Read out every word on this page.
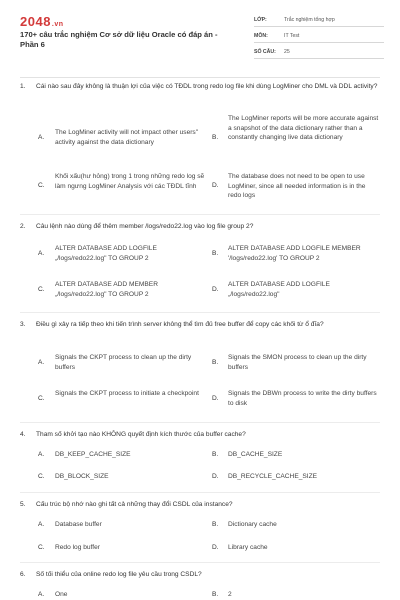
2048.vn
170+ câu trắc nghiệm Cơ sở dữ liệu Oracle có đáp án - Phần 6
LỚP:	Trắc nghiệm tổng hợp
MÔN:	IT Test
SỐ CÂU: 25
1. Cái nào sau đây không là thuận lợi của việc có TĐDL trong redo log file khi dùng LogMiner cho DML và DDL activity?
A.
The LogMiner activity will not impact other users" activity against the data dictionary
B.
The LogMiner reports will be more accurate against a snapshot of the data dictionary rather than a constantly changing live data dictionary
C.
Khối xấu(hư hỏng) trong 1 trong những redo log sẽ làm ngưng LogMiner Analysis với các TĐDL tĩnh	D.
The database does not need to be open to use LogMiner, since all needed information is in the redo logs
2. Câu lệnh nào dùng để thêm member /logs/redo22.log vào log file group 2?
A.
ALTER DATABASE ADD LOGFILE „/logs/redo22.log" TO GROUP 2
B.
ALTER DATABASE ADD LOGFILE MEMBER '/logs/redo22.log' TO GROUP 2
C.
ALTER DATABASE ADD MEMBER „/logs/redo22.log" TO GROUP 2
D.
ALTER DATABASE ADD LOGFILE „/logs/redo22.log"
3. Điều gì xảy ra tiếp theo khi tiến trình server không thể tìm đủ free buffer để copy các khối từ ổ đĩa?
A.
Signals the CKPT process to clean up the dirty buffers
B.
Signals the SMON process to clean up the dirty buffers
C.
Signals the CKPT process to initiate a checkpoint
D.
Signals the DBWn process to write the dirty buffers to disk
4. Tham số khởi tạo nào KHÔNG quyết định kích thước của buffer cache?
A. DB_KEEP_CACHE_SIZE	B. DB_CACHE_SIZE
C. DB_BLOCK_SIZE	D. DB_RECYCLE_CACHE_SIZE
5. Cấu trúc bộ nhớ nào ghi tất cả những thay đổi CSDL của instance?
A. Database buffer	B. Dictionary cache
C. Redo log buffer	D. Library cache
6. Số tối thiểu của online redo log file yêu cầu trong CSDL?
A. One	B. 2
